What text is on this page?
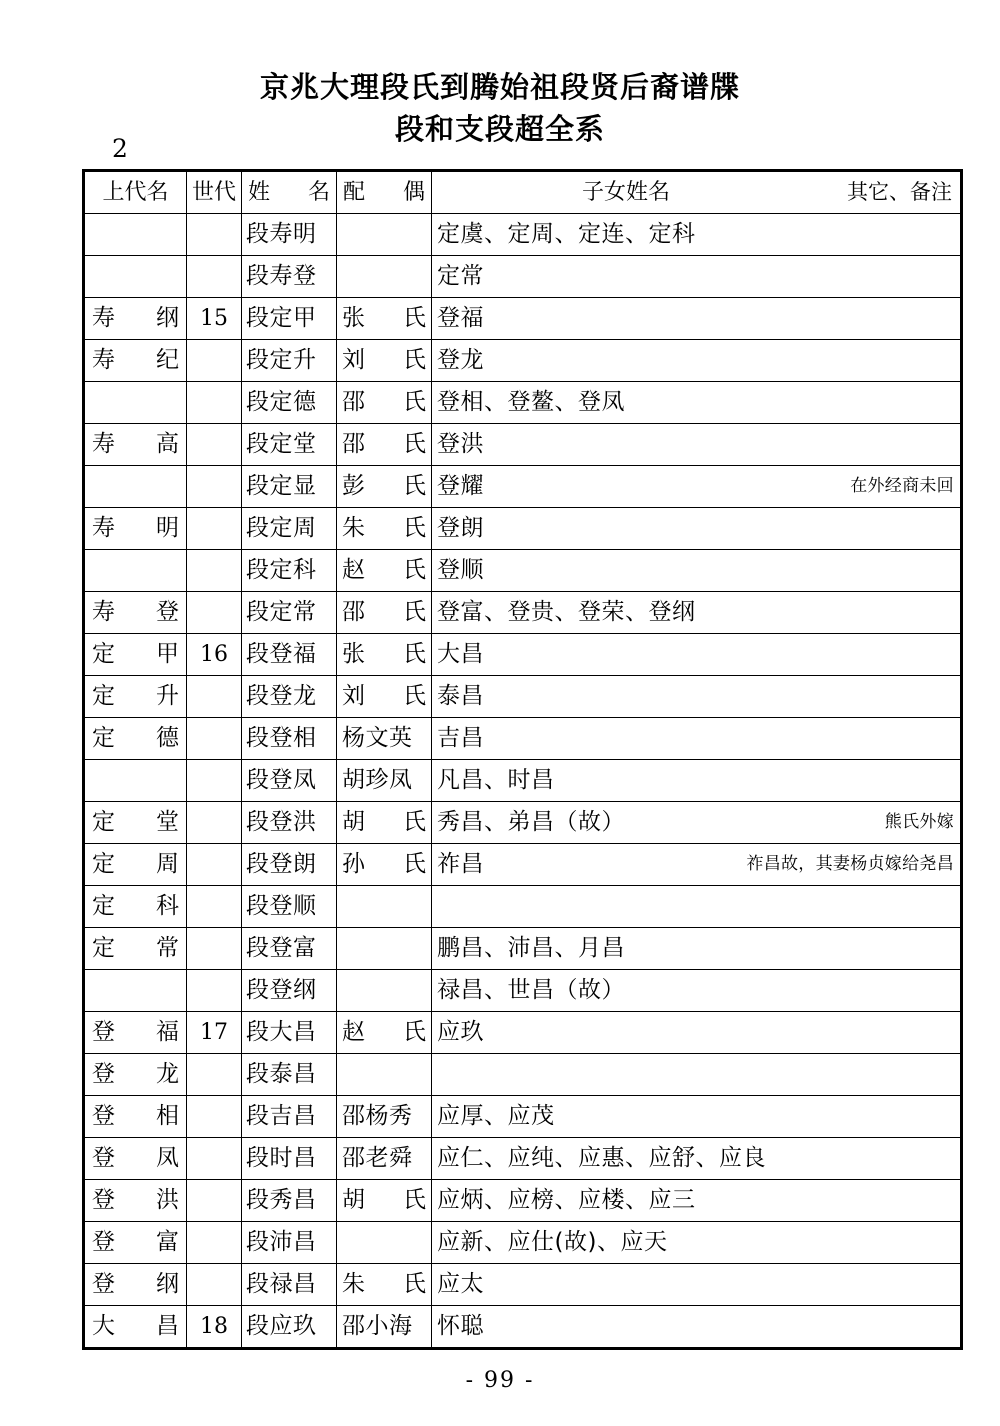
京兆大理段氏到腾始祖段贤后裔谱牒
段和支段超全系
2
上代名	世代	姓 名	配 偶	子女姓名 其它、备注

		段寿明		定虞、定周、定连、定科

		段寿登		定常

寿 纲	15	段定甲	张 氏	登福

寿 纪		段定升	刘 氏	登龙

		段定德	邵 氏	登相、登鳌、登凤

寿 高		段定堂	邵 氏	登洪

		段定显	彭 氏	登耀 在外经商未回

寿 明		段定周	朱 氏	登朗

		段定科	赵 氏	登顺

寿 登		段定常	邵 氏	登富、登贵、登荣、登纲

定 甲	16	段登福	张 氏	大昌

定 升		段登龙	刘 氏	泰昌

定 德		段登相	杨文英	吉昌

		段登凤	胡珍凤	凡昌、时昌

定 堂		段登洪	胡 氏	秀昌、弟昌（故） 熊氏外嫁

定 周		段登朗	孙 氏	祚昌 祚昌故，其妻杨贞嫁给尧昌

定 科		段登顺		

定 常		段登富		鹏昌、沛昌、月昌

		段登纲		禄昌、世昌（故）

登 福	17	段大昌	赵 氏	应玖

登 龙		段泰昌		

登 相		段吉昌	邵杨秀	应厚、应茂

登 凤		段时昌	邵老舜	应仁、应纯、应惠、应舒、应良

登 洪		段秀昌	胡 氏	应炳、应榜、应楼、应三

登 富		段沛昌		应新、应仕(故)、应天

登 纲		段禄昌	朱 氏	应太

大 昌	18	段应玖	邵小海	怀聪
- 99 -
